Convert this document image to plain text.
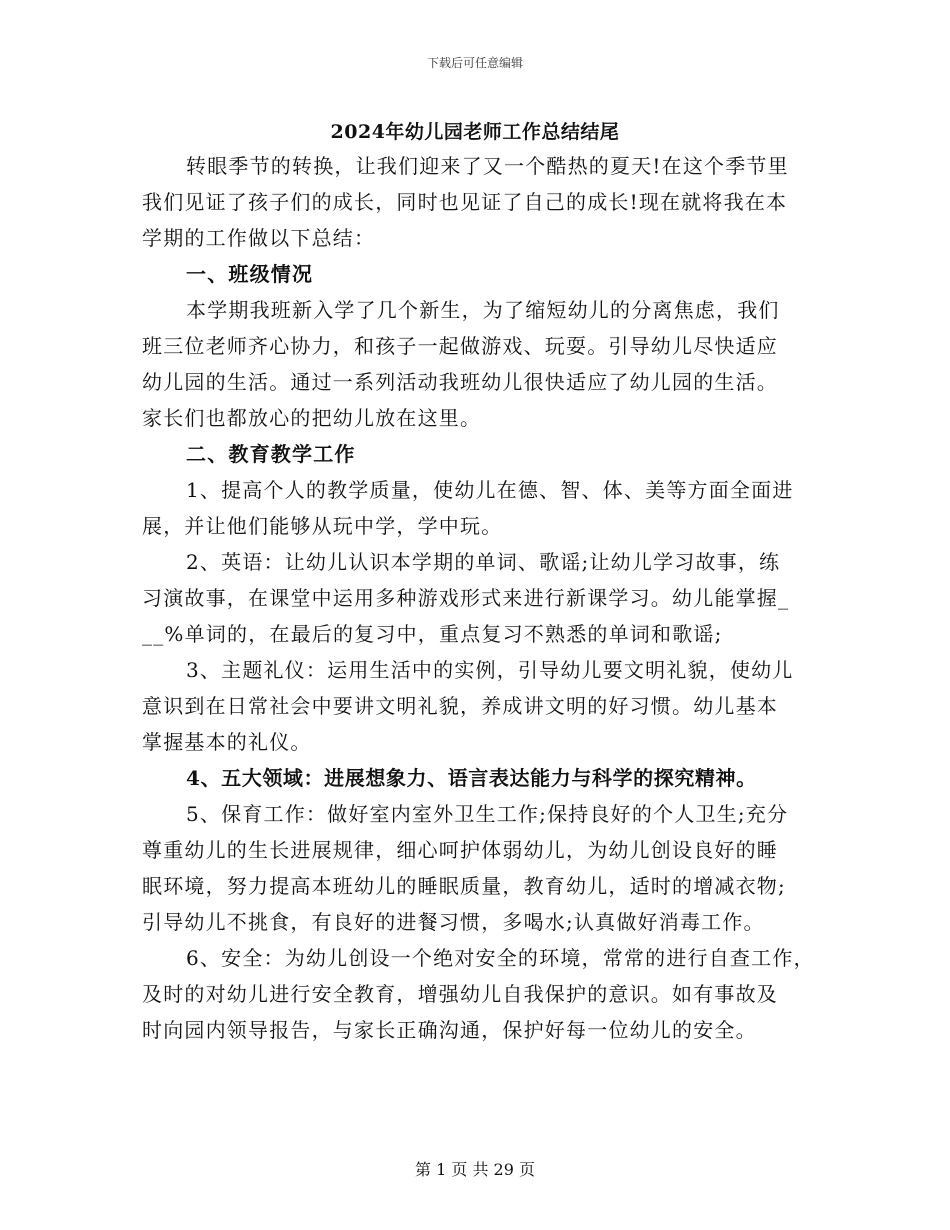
下载后可任意编辑
2024年幼儿园老师工作总结结尾
转眼季节的转换，让我们迎来了又一个酷热的夏天!在这个季节里
我们见证了孩子们的成长，同时也见证了自己的成长!现在就将我在本
学期的工作做以下总结：
一、班级情况
本学期我班新入学了几个新生，为了缩短幼儿的分离焦虑，我们
班三位老师齐心协力，和孩子一起做游戏、玩耍。引导幼儿尽快适应
幼儿园的生活。通过一系列活动我班幼儿很快适应了幼儿园的生活。
家长们也都放心的把幼儿放在这里。
二、教育教学工作
1、提高个人的教学质量，使幼儿在德、智、体、美等方面全面进
展，并让他们能够从玩中学，学中玩。
2、英语：让幼儿认识本学期的单词、歌谣;让幼儿学习故事，练
习演故事，在课堂中运用多种游戏形式来进行新课学习。幼儿能掌握_
__%单词的，在最后的复习中，重点复习不熟悉的单词和歌谣;
3、主题礼仪：运用生活中的实例，引导幼儿要文明礼貌，使幼儿
意识到在日常社会中要讲文明礼貌，养成讲文明的好习惯。幼儿基本
掌握基本的礼仪。
4、五大领域：进展想象力、语言表达能力与科学的探究精神。
5、保育工作：做好室内室外卫生工作;保持良好的个人卫生;充分
尊重幼儿的生长进展规律，细心呵护体弱幼儿，为幼儿创设良好的睡
眠环境，努力提高本班幼儿的睡眠质量，教育幼儿，适时的增减衣物;
引导幼儿不挑食，有良好的进餐习惯，多喝水;认真做好消毒工作。
6、安全：为幼儿创设一个绝对安全的环境，常常的进行自查工作，
及时的对幼儿进行安全教育，增强幼儿自我保护的意识。如有事故及
时向园内领导报告，与家长正确沟通，保护好每一位幼儿的安全。
第 1 页 共 29 页
